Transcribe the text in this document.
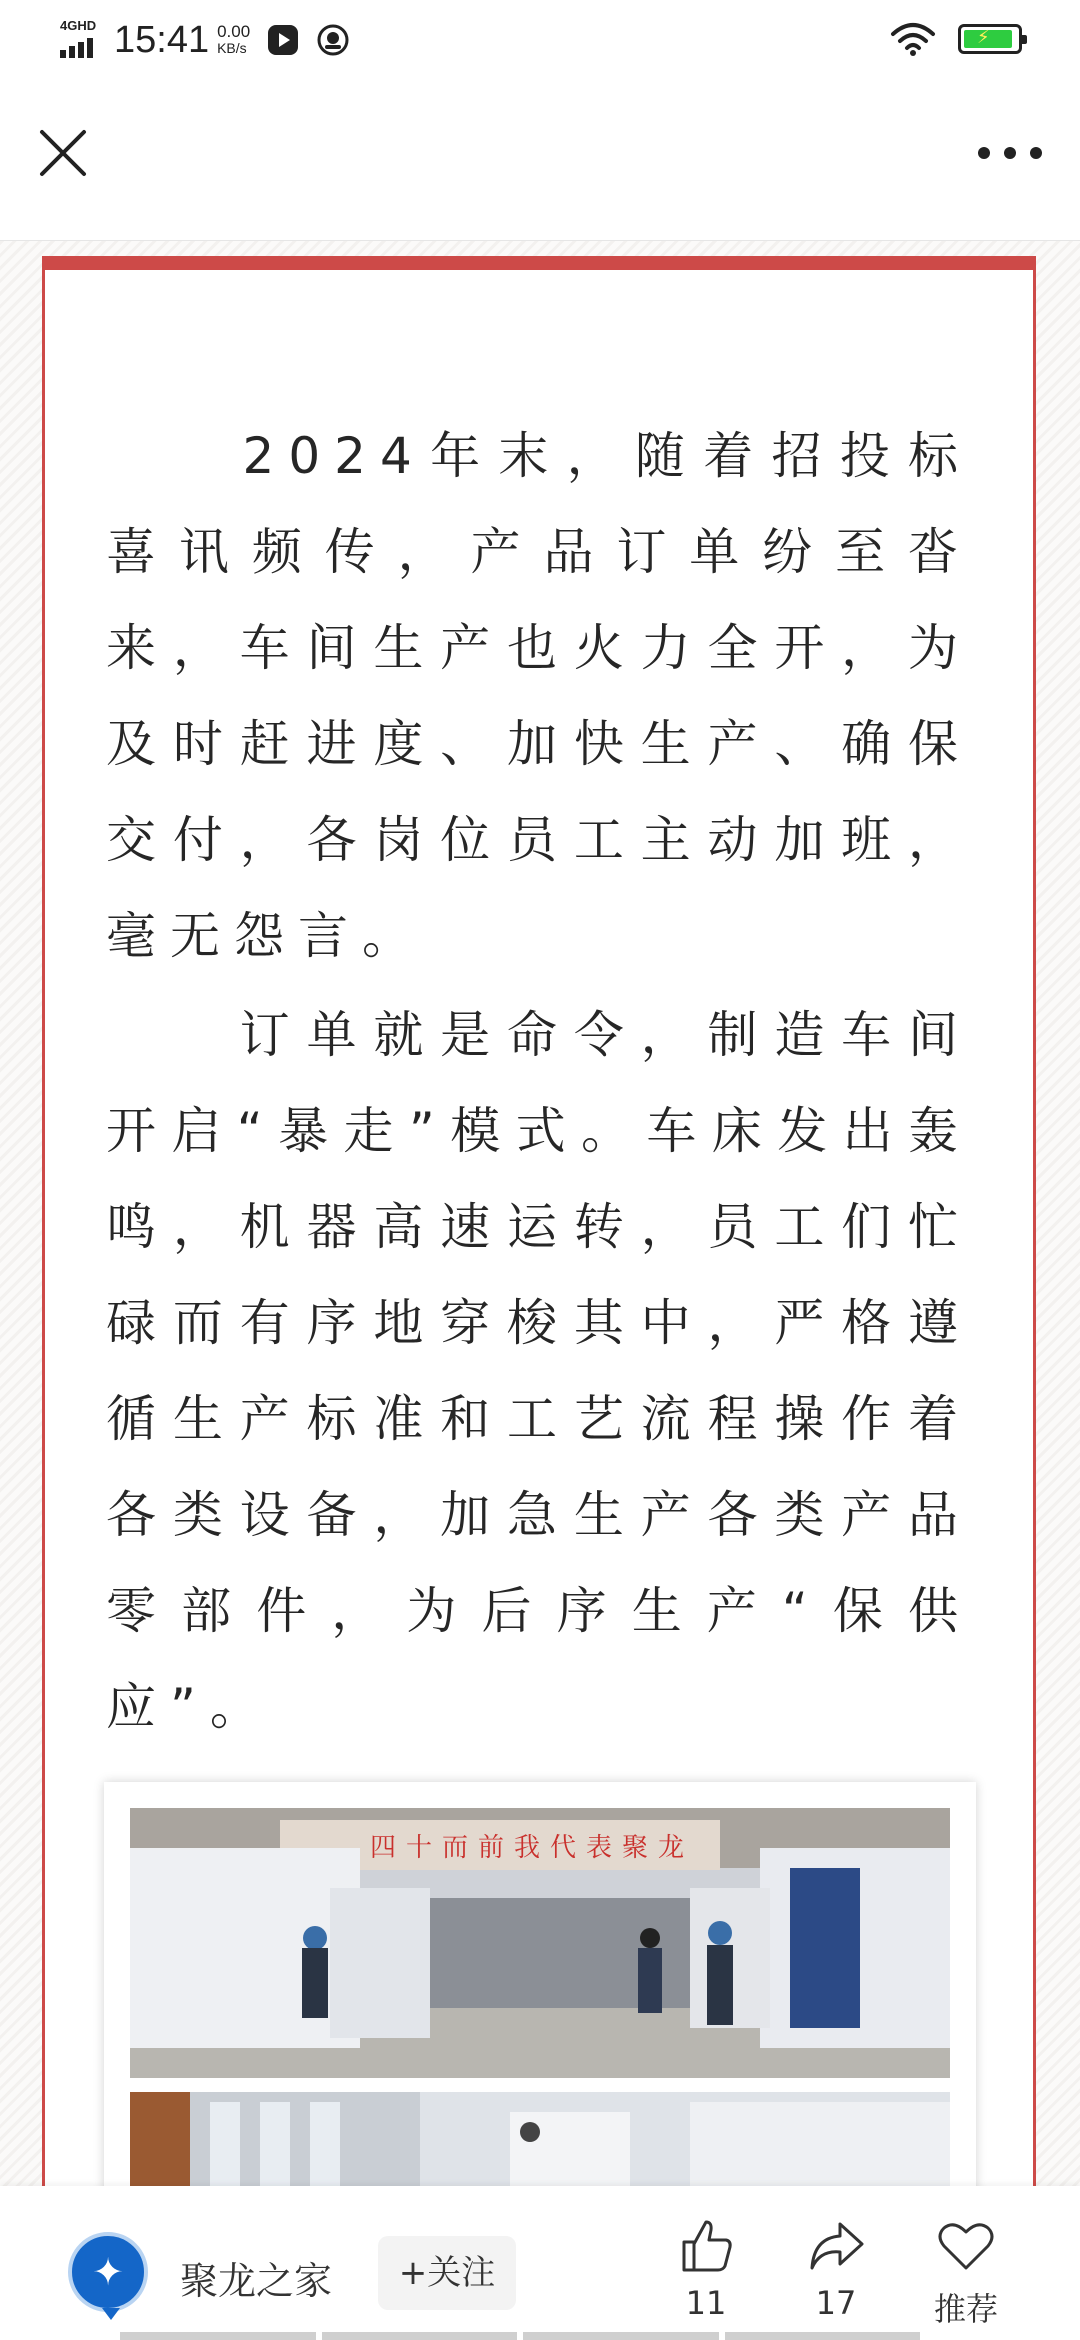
4GHD 15:41 0.00
KB/s	⚡

　　2024年末，随着招投标喜讯频传，产品订单纷至沓来，车间生产也火力全开，为及时赶进度、加快生产、确保交付，各岗位员工主动加班，毫无怨言。

　　订单就是命令，制造车间开启“暴走”模式。车床发出轰鸣，机器高速运转，员工们忙碌而有序地穿梭其中，严格遵循生产标准和工艺流程操作着各类设备，加急生产各类产品零部件，为后序生产“保供应”。

四十而前我代表聚龙
✦	聚龙之家	+关注
11	17	推荐
